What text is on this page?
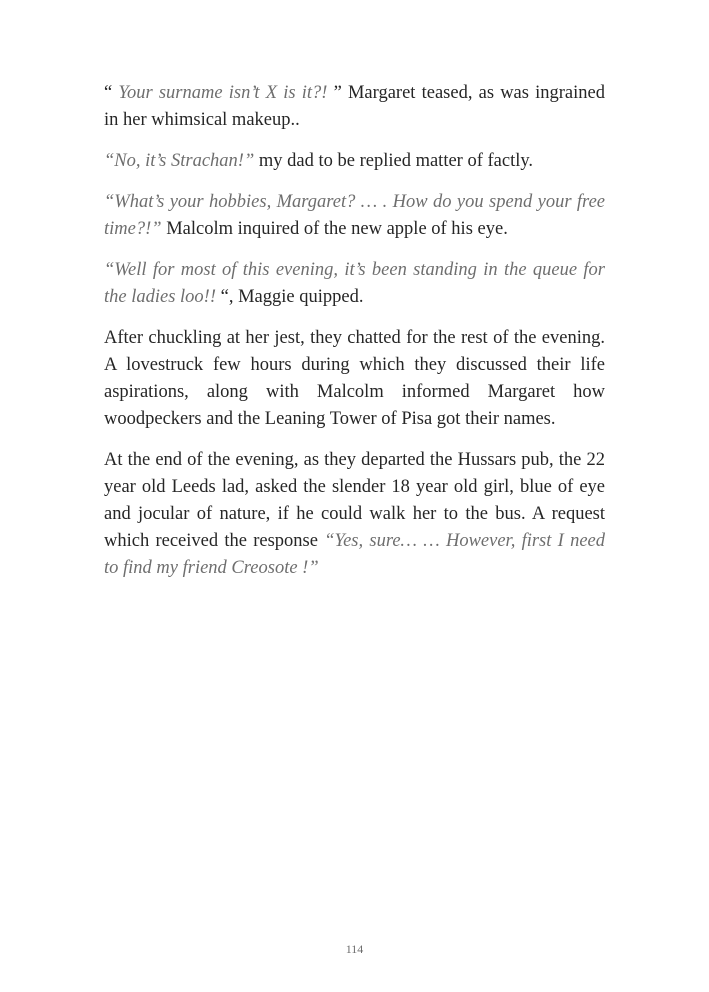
“ Your surname isn’t X is it?! ” Margaret teased, as was ingrained in her whimsical makeup..

“No, it’s Strachan!” my dad to be replied matter of factly.

“What’s your hobbies, Margaret? … . How do you spend your free time?!” Malcolm inquired of the new apple of his eye.

“Well for most of this evening, it’s been standing in the queue for the ladies loo!! “, Maggie quipped.

After chuckling at her jest, they chatted for the rest of the evening. A lovestruck few hours during which they discussed their life aspirations, along with Malcolm informed Margaret how woodpeckers and the Leaning Tower of Pisa got their names.

At the end of the evening, as they departed the Hussars pub, the 22 year old Leeds lad, asked the slender 18 year old girl, blue of eye and jocular of nature, if he could walk her to the bus. A request which received the response “Yes, sure… … However, first I need to find my friend Creosote !”

114
